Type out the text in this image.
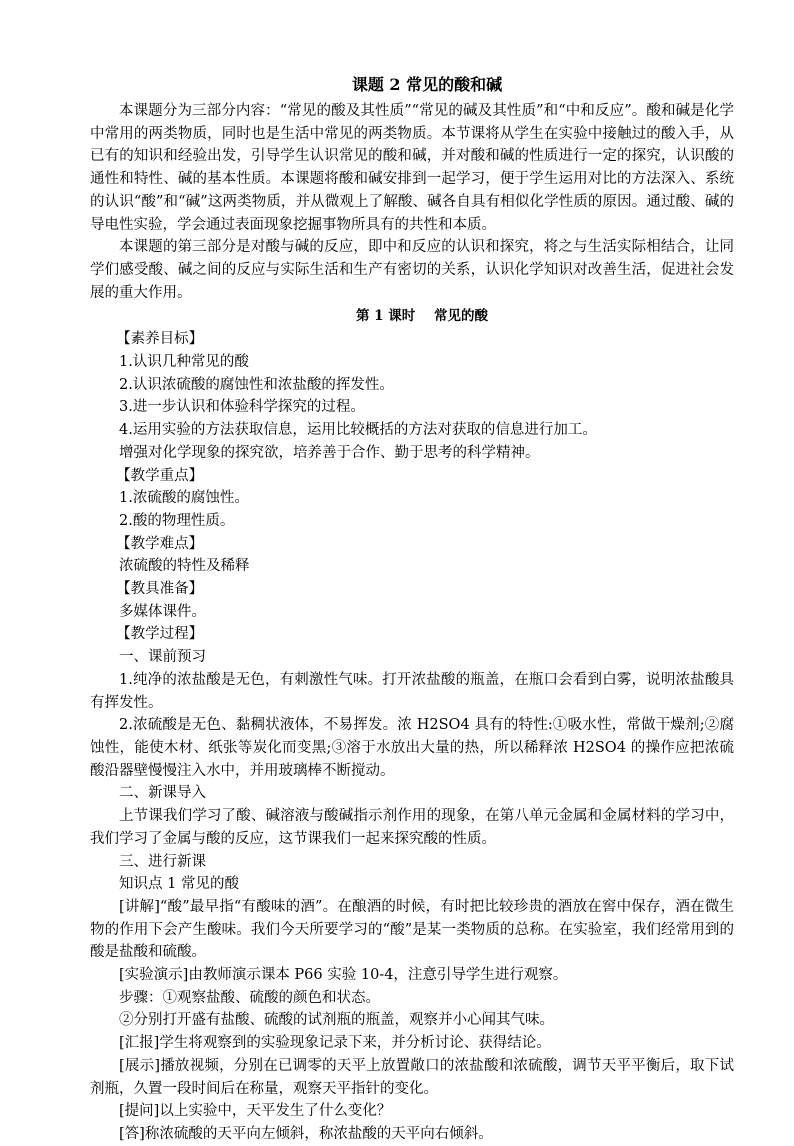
课题 2 常见的酸和碱
本课题分为三部分内容：“常见的酸及其性质”“常见的碱及其性质”和“中和反应”。酸和碱是化学中常用的两类物质，同时也是生活中常见的两类物质。本节课将从学生在实验中接触过的酸入手，从已有的知识和经验出发，引导学生认识常见的酸和碱，并对酸和碱的性质进行一定的探究，认识酸的通性和特性、碱的基本性质。本课题将酸和碱安排到一起学习，便于学生运用对比的方法深入、系统的认识“酸”和“碱”这两类物质，并从微观上了解酸、碱各自具有相似化学性质的原因。通过酸、碱的导电性实验，学会通过表面现象挖掘事物所具有的共性和本质。
本课题的第三部分是对酸与碱的反应，即中和反应的认识和探究，将之与生活实际相结合，让同学们感受酸、碱之间的反应与实际生活和生产有密切的关系，认识化学知识对改善生活，促进社会发展的重大作用。
第 1 课时    常见的酸
【素养目标】
1.认识几种常见的酸
2.认识浓硫酸的腐蚀性和浓盐酸的挥发性。
3.进一步认识和体验科学探究的过程。
4.运用实验的方法获取信息，运用比较概括的方法对获取的信息进行加工。
增强对化学现象的探究欲，培养善于合作、勤于思考的科学精神。
【教学重点】
1.浓硫酸的腐蚀性。
2.酸的物理性质。
【教学难点】
浓硫酸的特性及稀释
【教具准备】
多媒体课件。
【教学过程】
一、课前预习
1.纯净的浓盐酸是无色，有刺激性气味。打开浓盐酸的瓶盖，在瓶口会看到白雾，说明浓盐酸具有挥发性。
2.浓硫酸是无色、黏稠状液体，不易挥发。浓 H2SO4 具有的特性:①吸水性，常做干燥剂;②腐蚀性，能使木材、纸张等炭化而变黑;③溶于水放出大量的热，所以稀释浓 H2SO4 的操作应把浓硫酸沿器壁慢慢注入水中，并用玻璃棒不断搅动。
二、新课导入
上节课我们学习了酸、碱溶液与酸碱指示剂作用的现象，在第八单元金属和金属材料的学习中，我们学习了金属与酸的反应，这节课我们一起来探究酸的性质。
三、进行新课
知识点 1 常见的酸
[讲解]“酸”最早指“有酸味的酒”。在酿酒的时候，有时把比较珍贵的酒放在窖中保存，酒在微生物的作用下会产生酸味。我们今天所要学习的“酸”是某一类物质的总称。在实验室，我们经常用到的酸是盐酸和硫酸。
[实验演示]由教师演示课本 P66 实验 10-4，注意引导学生进行观察。
步骤：①观察盐酸、硫酸的颜色和状态。
②分别打开盛有盐酸、硫酸的试剂瓶的瓶盖，观察并小心闻其气味。
[汇报]学生将观察到的实验现象记录下来，并分析讨论、获得结论。
[展示]播放视频，分别在已调零的天平上放置敞口的浓盐酸和浓硫酸，调节天平平衡后，取下试剂瓶，久置一段时间后在称量，观察天平指针的变化。
[提问]以上实验中，天平发生了什么变化？
[答]称浓硫酸的天平向左倾斜，称浓盐酸的天平向右倾斜。
